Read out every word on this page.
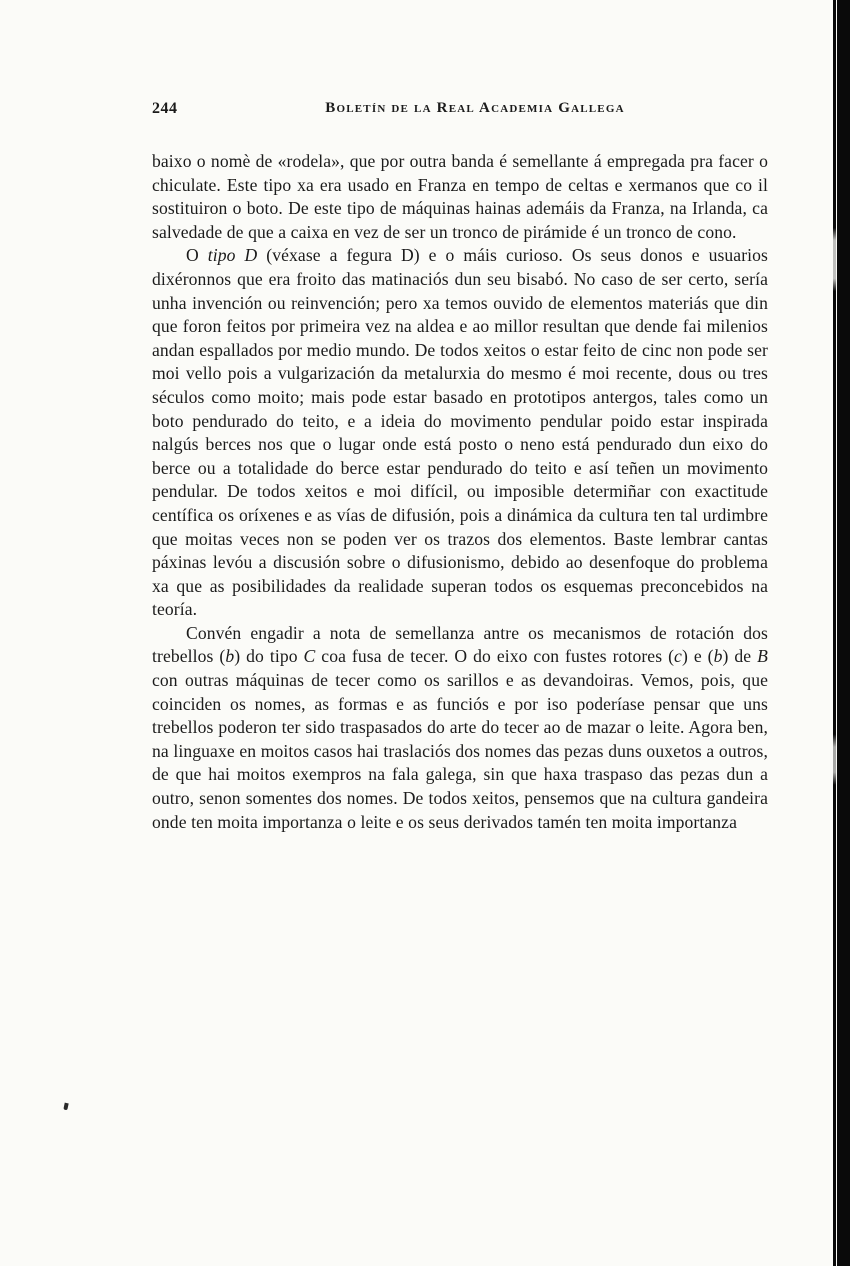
244	Boletín de la Real Academia Gallega

baixo o nomè de «rodela», que por outra banda é semellante á empregada pra facer o chiculate. Este tipo xa era usado en Franza en tempo de celtas e xermanos que co il sostituiron o boto. De este tipo de máquinas hainas ademáis da Franza, na Irlanda, ca salvedade de que a caixa en vez de ser un tronco de pirámide é un tronco de cono.

O tipo D (véxase a fegura D) e o máis curioso. Os seus donos e usuarios dixéronnos que era froito das matinaciós dun seu bisabó. No caso de ser certo, sería unha invención ou reinvención; pero xa temos ouvido de elementos materiás que din que foron feitos por primeira vez na aldea e ao millor resultan que dende fai milenios andan espallados por medio mundo. De todos xeitos o estar feito de cinc non pode ser moi vello pois a vulgarización da metalurxia do mesmo é moi recente, dous ou tres séculos como moito; mais pode estar basado en prototipos antergos, tales como un boto pendurado do teito, e a ideia do movimento pendular poido estar inspirada nalgús berces nos que o lugar onde está posto o neno está pendurado dun eixo do berce ou a totalidade do berce estar pendurado do teito e así teñen un movimento pendular. De todos xeitos e moi difícil, ou imposible determiñar con exactitude centífica os oríxenes e as vías de difusión, pois a dinámica da cultura ten tal urdimbre que moitas veces non se poden ver os trazos dos elementos. Baste lembrar cantas páxinas levóu a discusión sobre o difusionismo, debido ao desenfoque do problema xa que as posibilidades da realidade superan todos os esquemas preconcebidos na teoría.

Convén engadir a nota de semellanza antre os mecanismos de rotación dos trebellos (b) do tipo C coa fusa de tecer. O do eixo con fustes rotores (c) e (b) de B con outras máquinas de tecer como os sarillos e as devandoiras. Vemos, pois, que coinciden os nomes, as formas e as funciós e por iso poderíase pensar que uns trebellos poderon ter sido traspasados do arte do tecer ao de mazar o leite. Agora ben, na linguaxe en moitos casos hai traslaciós dos nomes das pezas duns ouxetos a outros, de que hai moitos exempros na fala galega, sin que haxa traspaso das pezas dun a outro, senon somentes dos nomes. De todos xeitos, pensemos que na cultura gandeira onde ten moita importanza o leite e os seus derivados tamén ten moita importanza
